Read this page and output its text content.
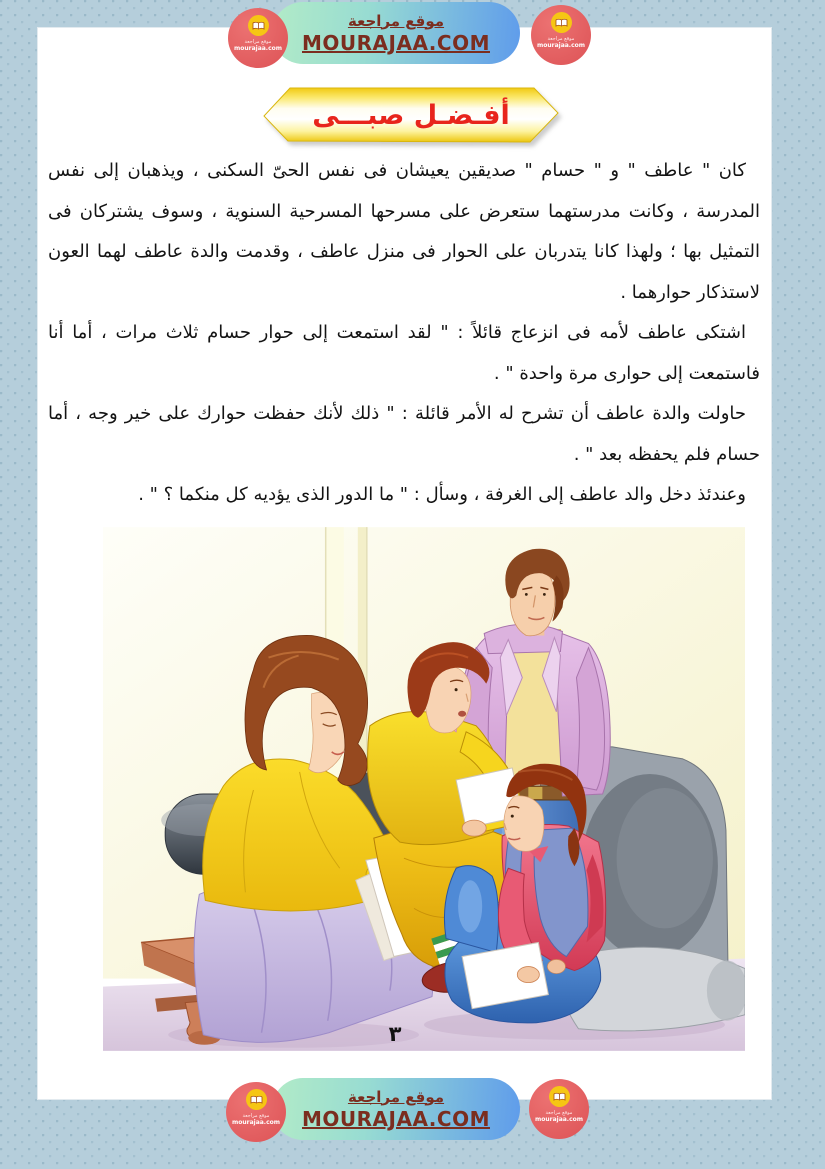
موقع مراجعة
mourajaa.com
موقع مراجعة
MOURAJAA.COM	موقع مراجعة
mourajaa.com
أفـضـل صبـــى

كان " عاطف " و " حسام " صديقين يعيشان فى نفس الحىّ السكنى ، ويذهبان إلى نفس المدرسة ، وكانت مدرستهما ستعرض على مسرحها المسرحية السنوية ، وسوف يشتركان فى التمثيل بها ؛ ولهذا كانا يتدربان على الحوار فى منزل عاطف ، وقدمت والدة عاطف لهما العون لاستذكار حوارهما .

اشتكى عاطف لأمه فى انزعاج قائلاً : " لقد استمعت إلى حوار حسام ثلاث مرات ، أما أنا فاستمعت إلى حوارى مرة واحدة " .

حاولت والدة عاطف أن تشرح له الأمر قائلة : " ذلك لأنك حفظت حوارك على خير وجه ، أما حسام فلم يحفظه بعد " .

وعندئذ دخل والد عاطف إلى الغرفة ، وسأل : " ما الدور الذى يؤديه كل منكما ؟ " .

٣
موقع مراجعة
mourajaa.com
موقع مراجعة
MOURAJAA.COM	موقع مراجعة
mourajaa.com
